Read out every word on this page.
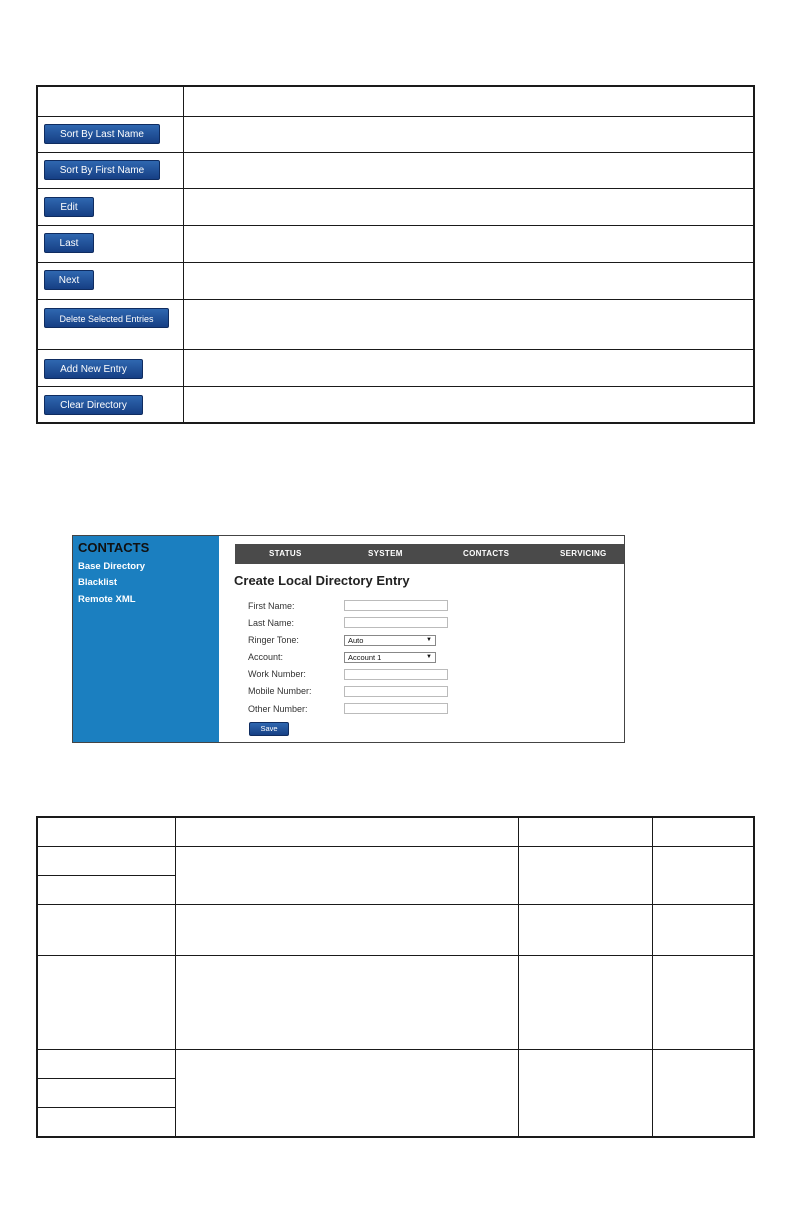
Sort By Last Name
Sort By First Name
Edit
Last
Next
Delete Selected Entries
Add New Entry
Clear Directory
CONTACTS
Base Directory
Blacklist
Remote XML
STATUS	SYSTEM	CONTACTS	SERVICING
Create Local Directory Entry
First Name:
Last Name:
Ringer Tone:	Auto	▼
Account:	Account 1	▼
Work Number:
Mobile Number:
Other Number:
Save
